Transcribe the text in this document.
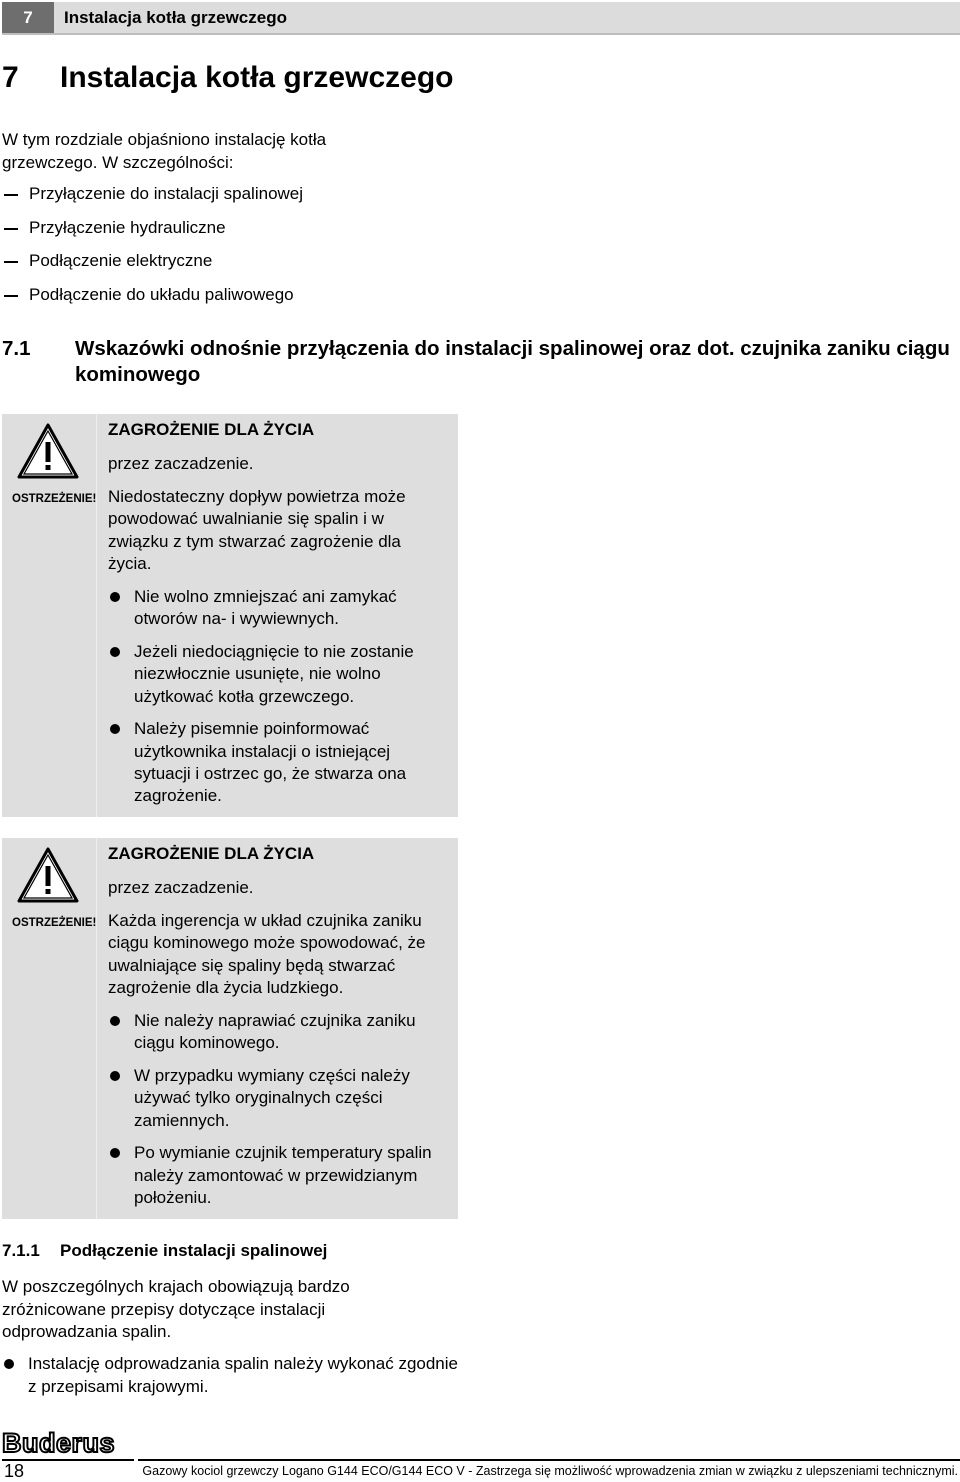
7	Instalacja kotła grzewczego
7 Instalacja kotła grzewczego
W tym rozdziale objaśniono instalację kotła grzewczego. W szczególności:
Przyłączenie do instalacji spalinowej
Przyłączenie hydrauliczne
Podłączenie elektryczne
Podłączenie do układu paliwowego
7.1	Wskazówki odnośnie przyłączenia do instalacji spalinowej oraz dot. czujnika zaniku ciągu kominowego
OSTRZEŻENIE!
ZAGROŻENIE DLA ŻYCIA
przez zaczadzenie.
Niedostateczny dopływ powietrza może powodować uwalnianie się spalin i w związku z tym stwarzać zagrożenie dla życia.
Nie wolno zmniejszać ani zamykać otworów na- i wywiewnych.
Jeżeli niedociągnięcie to nie zostanie niezwłocznie usunięte, nie wolno użytkować kotła grzewczego.
Należy pisemnie poinformować użytkownika instalacji o istniejącej sytuacji i ostrzec go, że stwarza ona zagrożenie.
OSTRZEŻENIE!
ZAGROŻENIE DLA ŻYCIA
przez zaczadzenie.
Każda ingerencja w układ czujnika zaniku ciągu kominowego może spowodować, że uwalniające się spaliny będą stwarzać zagrożenie dla życia ludzkiego.
Nie należy naprawiać czujnika zaniku ciągu kominowego.
W przypadku wymiany części należy używać tylko oryginalnych części zamiennych.
Po wymianie czujnik temperatury spalin należy zamontować w przewidzianym położeniu.
7.1.1 Podłączenie instalacji spalinowej
W poszczególnych krajach obowiązują bardzo zróżnicowane przepisy dotyczące instalacji odprowadzania spalin.
Instalację odprowadzania spalin należy wykonać zgodnie z przepisami krajowymi.
Buderus
18	Gazowy kociol grzewczy Logano G144 ECO/G144 ECO V - Zastrzega się możliwość wprowadzenia zmian w związku z ulepszeniami technicznymi.
